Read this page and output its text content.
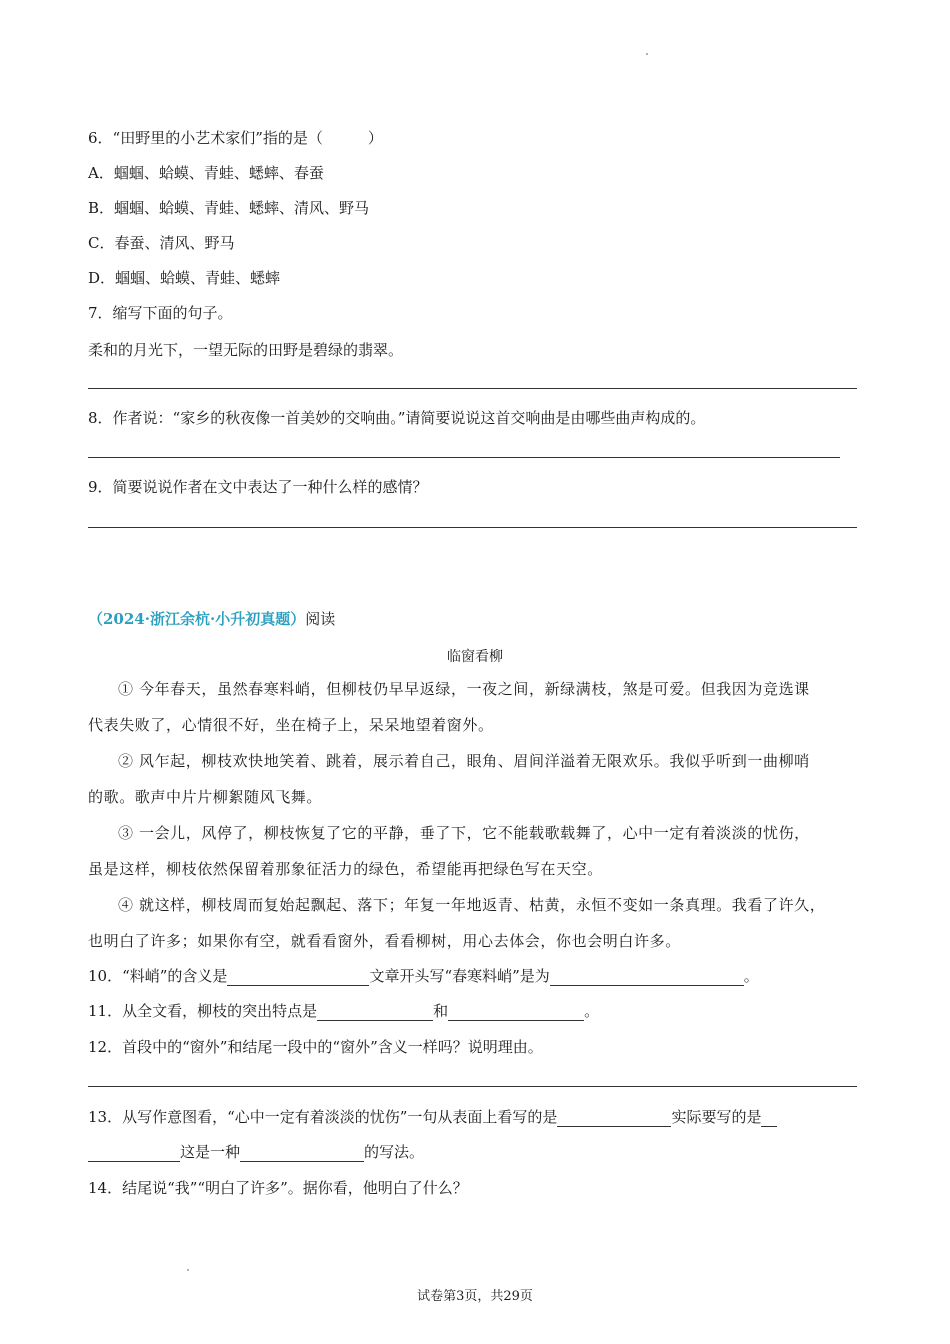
6．“田野里的小艺术家们”指的是（　　　）
A．蝈蝈、蛤蟆、青蛙、蟋蟀、春蚕
B．蝈蝈、蛤蟆、青蛙、蟋蟀、清风、野马
C．春蚕、清风、野马
D．蝈蝈、蛤蟆、青蛙、蟋蟀
7．缩写下面的句子。
柔和的月光下，一望无际的田野是碧绿的翡翠。
8．作者说：“家乡的秋夜像一首美妙的交响曲。”请简要说说这首交响曲是由哪些曲声构成的。
9．简要说说作者在文中表达了一种什么样的感情？
（2024·浙江余杭·小升初真题）阅读
临窗看柳
① 今年春天，虽然春寒料峭，但柳枝仍早早返绿，一夜之间，新绿满枝，煞是可爱。但我因为竞选课
代表失败了，心情很不好，坐在椅子上，呆呆地望着窗外。
② 风乍起，柳枝欢快地笑着、跳着，展示着自己，眼角、眉间洋溢着无限欢乐。我似乎听到一曲柳哨
的歌。歌声中片片柳絮随风飞舞。
③ 一会儿，风停了，柳枝恢复了它的平静，垂了下，它不能载歌载舞了，心中一定有着淡淡的忧伤，
虽是这样，柳枝依然保留着那象征活力的绿色，希望能再把绿色写在天空。
④ 就这样，柳枝周而复始起飘起、落下；年复一年地返青、枯黄，永恒不变如一条真理。我看了许久，
也明白了许多；如果你有空，就看看窗外，看看柳树，用心去体会，你也会明白许多。
10．“料峭”的含义是	文章开头写“春寒料峭”是为	。
11．从全文看，柳枝的突出特点是	和	。
12．首段中的“窗外”和结尾一段中的“窗外”含义一样吗？说明理由。
13．从写作意图看，“心中一定有着淡淡的忧伤”一句从表面上看写的是	实际要写的是
这是一种	的写法。
14．结尾说“我”“明白了许多”。据你看，他明白了什么？
试卷第3页，共29页
